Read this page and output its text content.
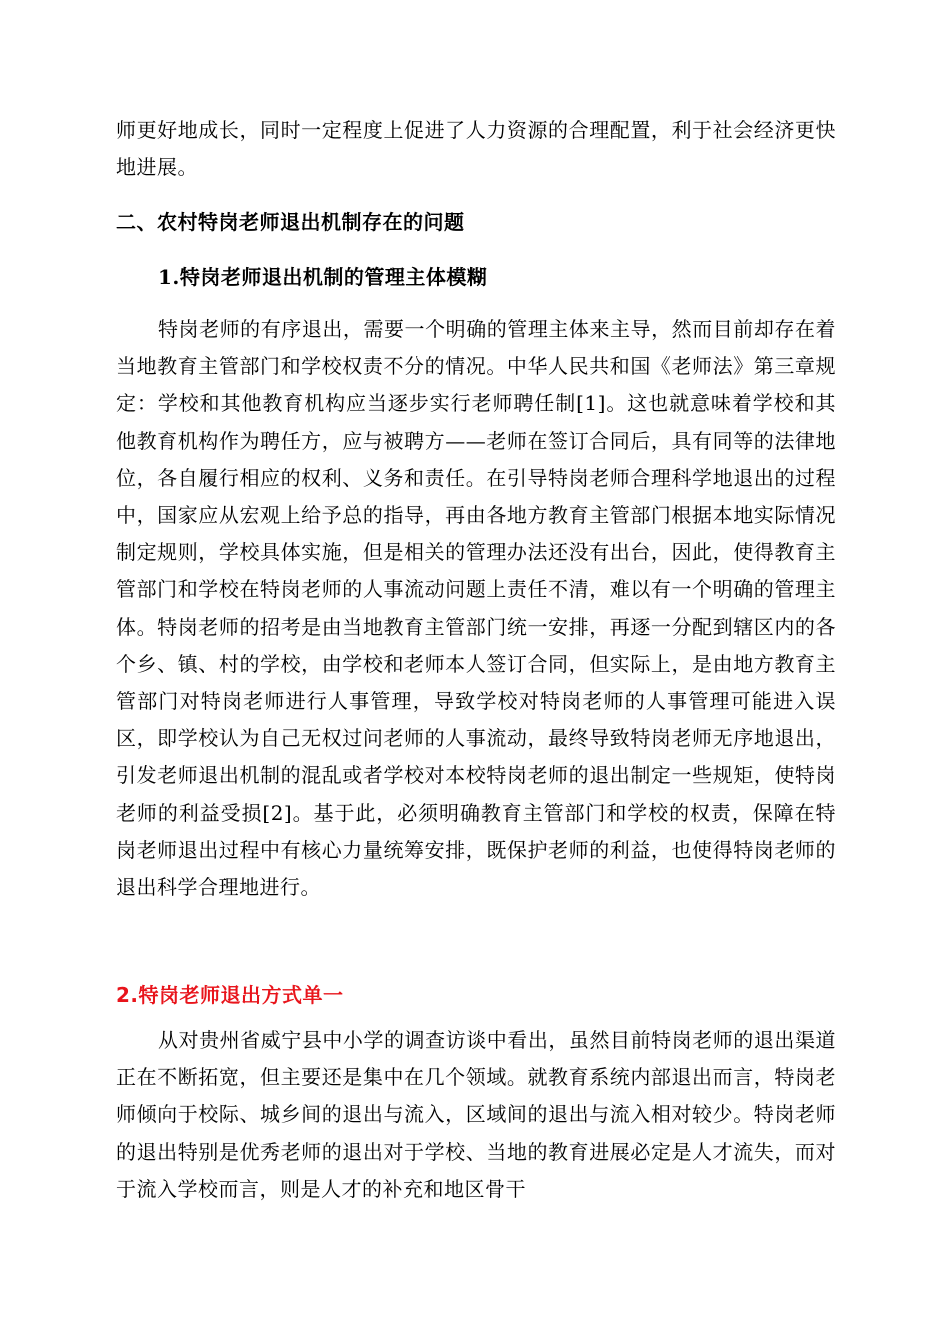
师更好地成长，同时一定程度上促进了人力资源的合理配置，利于社会经济更快地进展。

二、农村特岗老师退出机制存在的问题
1.特岗老师退出机制的管理主体模糊

特岗老师的有序退出，需要一个明确的管理主体来主导，然而目前却存在着当地教育主管部门和学校权责不分的情况。中华人民共和国《老师法》第三章规定：学校和其他教育机构应当逐步实行老师聘任制[1]。这也就意味着学校和其他教育机构作为聘任方，应与被聘方——老师在签订合同后，具有同等的法律地位，各自履行相应的权利、义务和责任。在引导特岗老师合理科学地退出的过程中，国家应从宏观上给予总的指导，再由各地方教育主管部门根据本地实际情况制定规则，学校具体实施，但是相关的管理办法还没有出台，因此，使得教育主管部门和学校在特岗老师的人事流动问题上责任不清，难以有一个明确的管理主体。特岗老师的招考是由当地教育主管部门统一安排，再逐一分配到辖区内的各个乡、镇、村的学校，由学校和老师本人签订合同，但实际上，是由地方教育主管部门对特岗老师进行人事管理，导致学校对特岗老师的人事管理可能进入误区，即学校认为自己无权过问老师的人事流动，最终导致特岗老师无序地退出，引发老师退出机制的混乱或者学校对本校特岗老师的退出制定一些规矩，使特岗老师的利益受损[2]。基于此，必须明确教育主管部门和学校的权责，保障在特岗老师退出过程中有核心力量统筹安排，既保护老师的利益，也使得特岗老师的退出科学合理地进行。

2.特岗老师退出方式单一

从对贵州省威宁县中小学的调查访谈中看出，虽然目前特岗老师的退出渠道正在不断拓宽，但主要还是集中在几个领域。就教育系统内部退出而言，特岗老师倾向于校际、城乡间的退出与流入，区域间的退出与流入相对较少。特岗老师的退出特别是优秀老师的退出对于学校、当地的教育进展必定是人才流失，而对于流入学校而言，则是人才的补充和地区骨干
